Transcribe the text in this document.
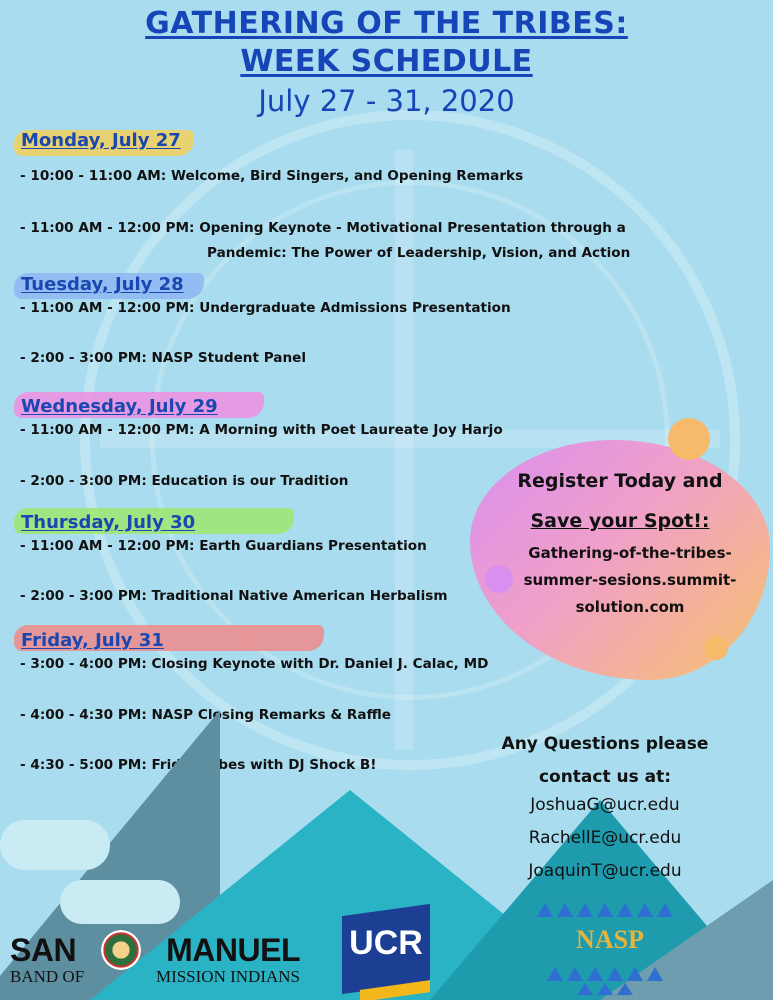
GATHERING OF THE TRIBES:
WEEK SCHEDULE
July 27 - 31, 2020
Monday, July 27
- 10:00 - 11:00 AM: Welcome, Bird Singers, and Opening Remarks
- 11:00 AM - 12:00 PM: Opening Keynote - Motivational Presentation through a
Pandemic: The Power of Leadership, Vision, and Action
Tuesday, July 28
- 11:00 AM - 12:00 PM: Undergraduate Admissions Presentation
- 2:00 - 3:00 PM: NASP Student Panel
Wednesday, July 29
- 11:00 AM - 12:00 PM: A Morning with Poet Laureate Joy Harjo
- 2:00 - 3:00 PM: Education is our Tradition
Thursday, July 30
- 11:00 AM - 12:00 PM: Earth Guardians Presentation
- 2:00 - 3:00 PM: Traditional Native American Herbalism
Friday, July 31
- 3:00 - 4:00 PM: Closing Keynote with Dr. Daniel J. Calac, MD
- 4:00 - 4:30 PM: NASP Closing Remarks & Raffle
- 4:30 - 5:00 PM: Friday Vibes with DJ Shock B!
Register Today and
Save your Spot!:
Gathering-of-the-tribes-
summer-sesions.summit-
solution.com
Any Questions please
contact us at:
JoshuaG@ucr.edu
RachellE@ucr.edu
JoaquinT@ucr.edu
SAN	MANUEL
BAND OF	MISSION INDIANS
UCR	NASP
